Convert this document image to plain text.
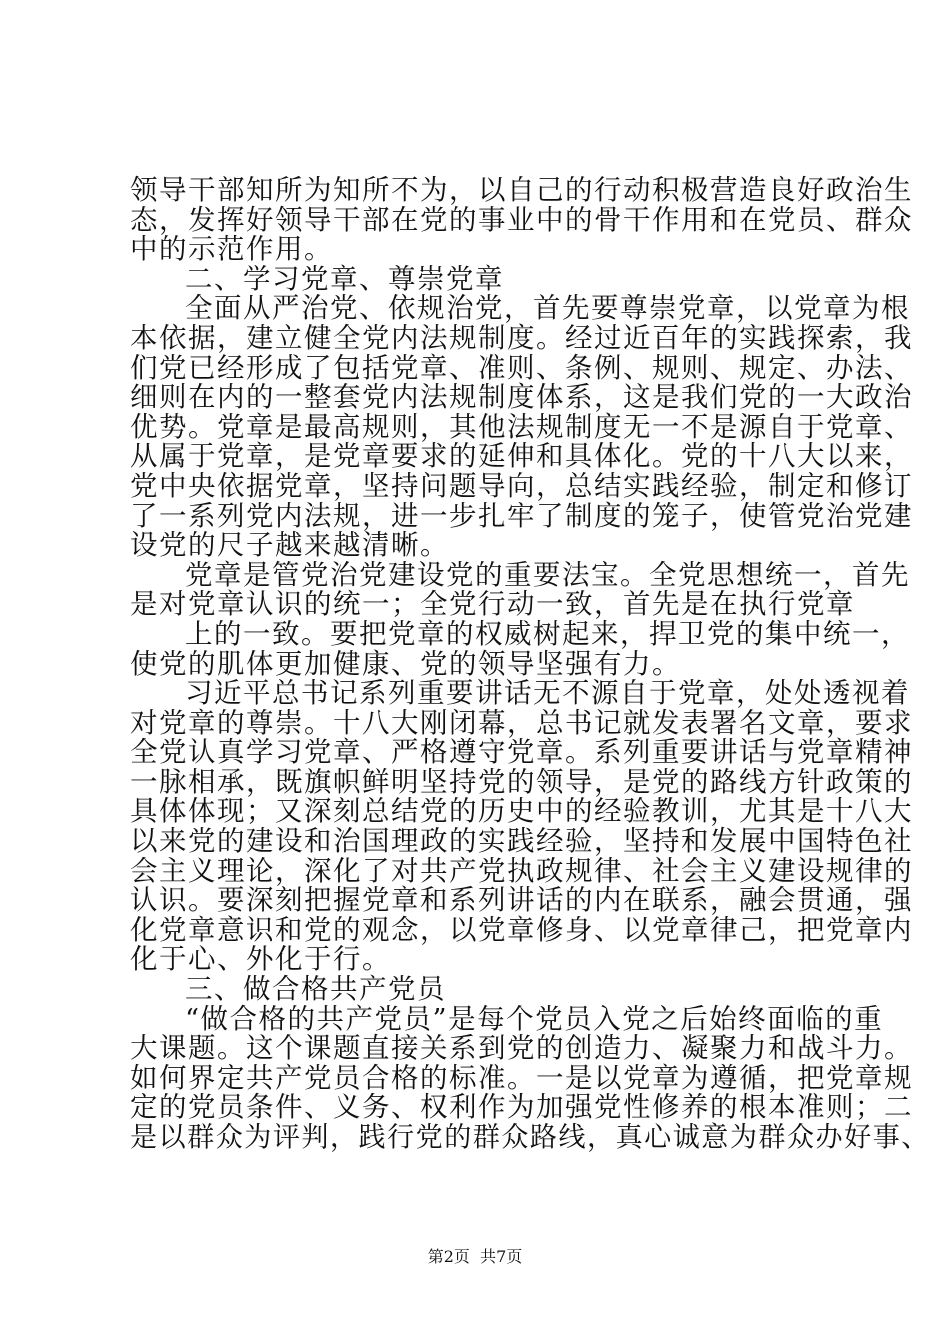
领导干部知所为知所不为，以自己的行动积极营造良好政治生
态，发挥好领导干部在党的事业中的骨干作用和在党员、群众
中的示范作用。
二、学习党章、尊崇党章
全面从严治党、依规治党，首先要尊崇党章，以党章为根
本依据，建立健全党内法规制度。经过近百年的实践探索，我
们党已经形成了包括党章、准则、条例、规则、规定、办法、
细则在内的一整套党内法规制度体系，这是我们党的一大政治
优势。党章是最高规则，其他法规制度无一不是源自于党章、
从属于党章，是党章要求的延伸和具体化。党的十八大以来，
党中央依据党章，坚持问题导向，总结实践经验，制定和修订
了一系列党内法规，进一步扎牢了制度的笼子，使管党治党建
设党的尺子越来越清晰。
党章是管党治党建设党的重要法宝。全党思想统一，首先
是对党章认识的统一；全党行动一致，首先是在执行党章
上的一致。要把党章的权威树起来，捍卫党的集中统一，
使党的肌体更加健康、党的领导坚强有力。
习近平总书记系列重要讲话无不源自于党章，处处透视着
对党章的尊崇。十八大刚闭幕，总书记就发表署名文章，要求
全党认真学习党章、严格遵守党章。系列重要讲话与党章精神
一脉相承，既旗帜鲜明坚持党的领导，是党的路线方针政策的
具体体现；又深刻总结党的历史中的经验教训，尤其是十八大
以来党的建设和治国理政的实践经验，坚持和发展中国特色社
会主义理论，深化了对共产党执政规律、社会主义建设规律的
认识。要深刻把握党章和系列讲话的内在联系，融会贯通，强
化党章意识和党的观念，以党章修身、以党章律己，把党章内
化于心、外化于行。
三、做合格共产党员
“做合格的共产党员”是每个党员入党之后始终面临的重
大课题。这个课题直接关系到党的创造力、凝聚力和战斗力。
如何界定共产党员合格的标准。一是以党章为遵循，把党章规
定的党员条件、义务、权利作为加强党性修养的根本准则；二
是以群众为评判，践行党的群众路线，真心诚意为群众办好事、
第2页  共7页
